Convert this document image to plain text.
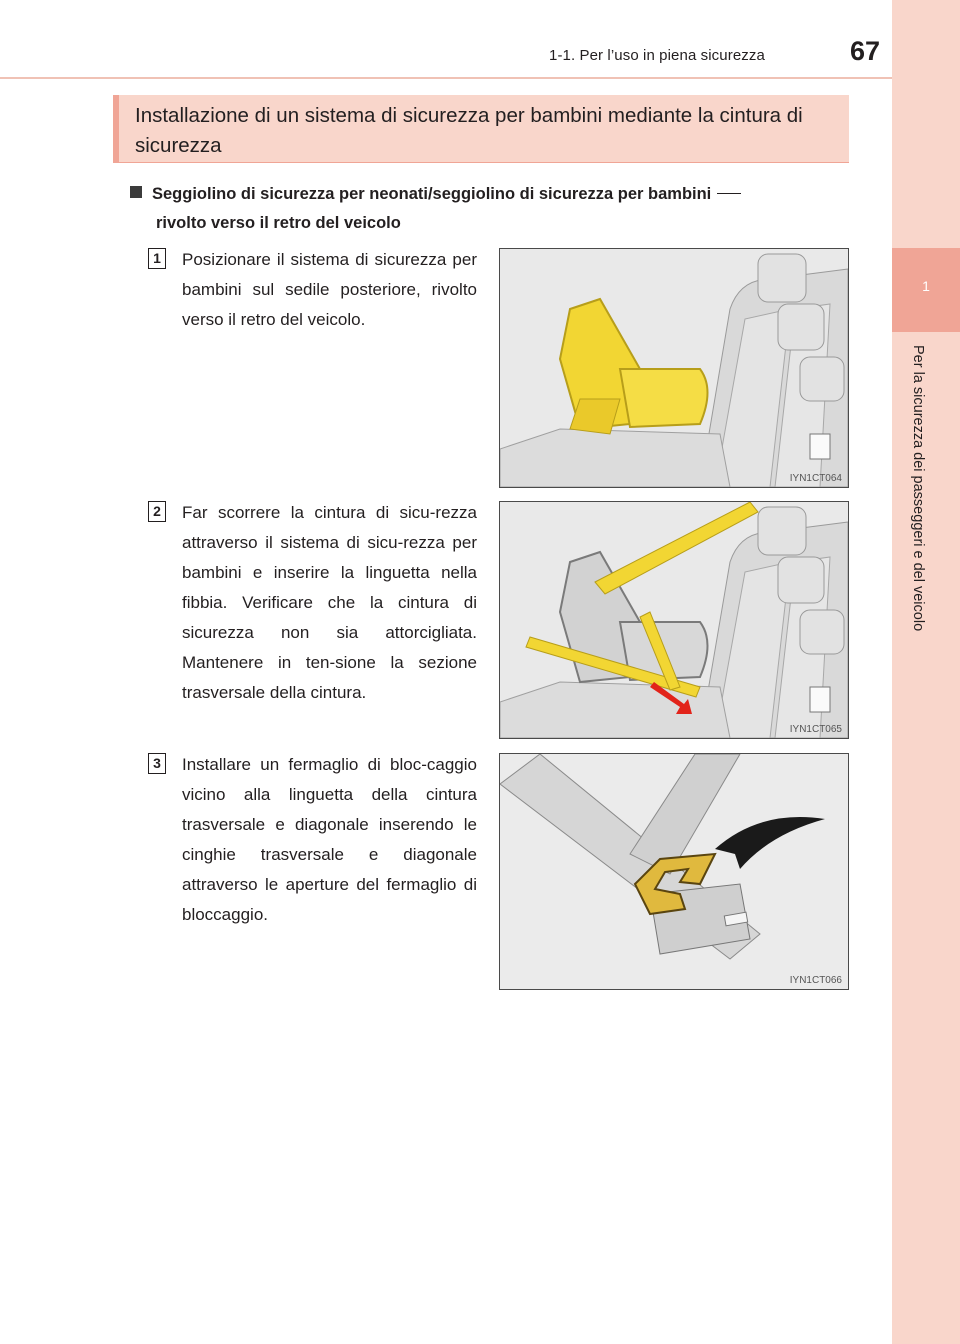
1-1. Per l’uso in piena sicurezza	67
1
Per la sicurezza dei passeggeri e del veicolo
Installazione di un sistema di sicurezza per bambini mediante la cintura di sicurezza
Seggiolino di sicurezza per neonati/seggiolino di sicurezza per bambini
rivolto verso il retro del veicolo
1	Posizionare il sistema di sicurezza per bambini sul sedile posteriore, rivolto verso il retro del veicolo.
IYN1CT064
2	Far scorrere la cintura di sicu-rezza attraverso il sistema di sicu-rezza per bambini e inserire la linguetta nella fibbia. Verificare che la cintura di sicurezza non sia attorcigliata. Mantenere in ten-sione la sezione trasversale della cintura.
IYN1CT065
3	Installare un fermaglio di bloc-caggio vicino alla linguetta della cintura trasversale e diagonale inserendo le cinghie trasversale e diagonale attraverso le aperture del fermaglio di bloccaggio.
IYN1CT066
